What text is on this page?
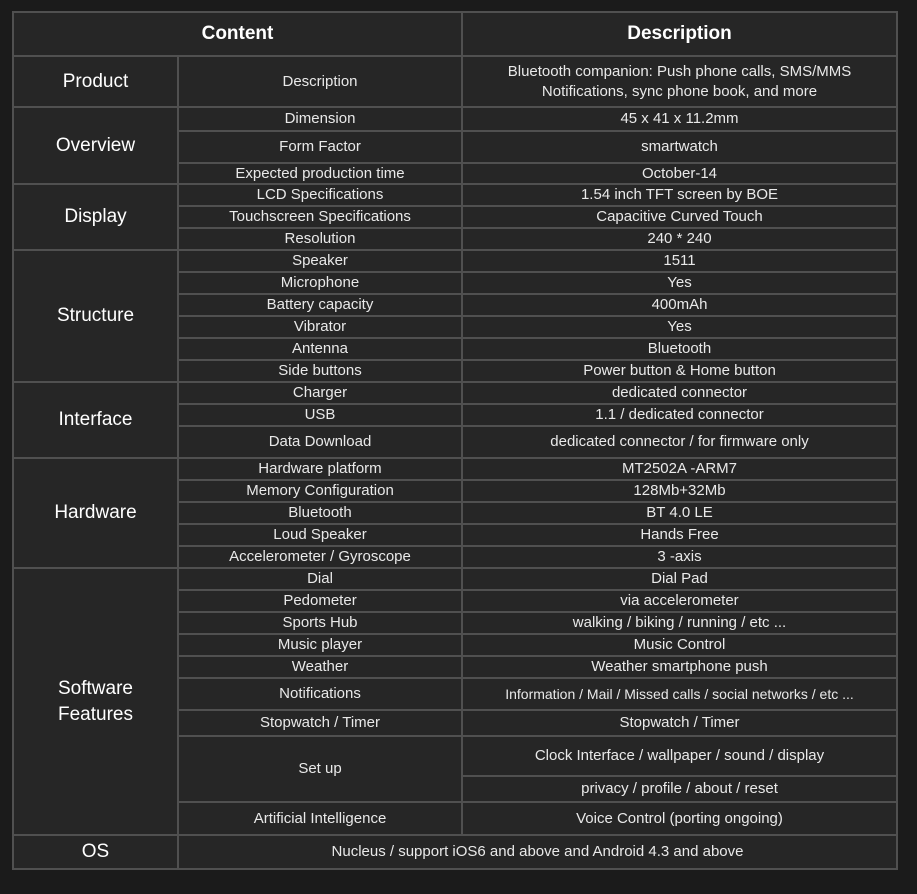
Content		Description
Product	Description	Bluetooth companion: Push phone calls, SMS/MMS Notifications, sync phone book, and more
Overview	Dimension	45 x 41 x 11.2mm
	Form Factor	smartwatch
	Expected production time	October-14
Display	LCD Specifications	1.54 inch TFT screen by BOE
	Touchscreen Specifications	Capacitive Curved Touch
	Resolution	240 * 240
Structure	Speaker	1511
	Microphone	Yes
	Battery capacity	400mAh
	Vibrator	Yes
	Antenna	Bluetooth
	Side buttons	Power button & Home button
Interface	Charger	dedicated connector
	USB	1.1 / dedicated connector
	Data Download	dedicated connector / for firmware only
Hardware	Hardware platform	MT2502A -ARM7
	Memory Configuration	128Mb+32Mb
	Bluetooth	BT 4.0 LE
	Loud Speaker	Hands Free
	Accelerometer / Gyroscope	3 -axis
Software Features	Dial	Dial Pad
	Pedometer	via accelerometer
	Sports Hub	walking / biking / running / etc ...
	Music player	Music Control
	Weather	Weather smartphone push
	Notifications	Information / Mail / Missed calls / social networks / etc ...
	Stopwatch / Timer	Stopwatch / Timer
	Set up	Clock Interface / wallpaper / sound / display
		privacy / profile / about / reset
	Artificial Intelligence	Voice Control (porting ongoing)
OS	Nucleus / support iOS6 and above and Android 4.3 and above	
